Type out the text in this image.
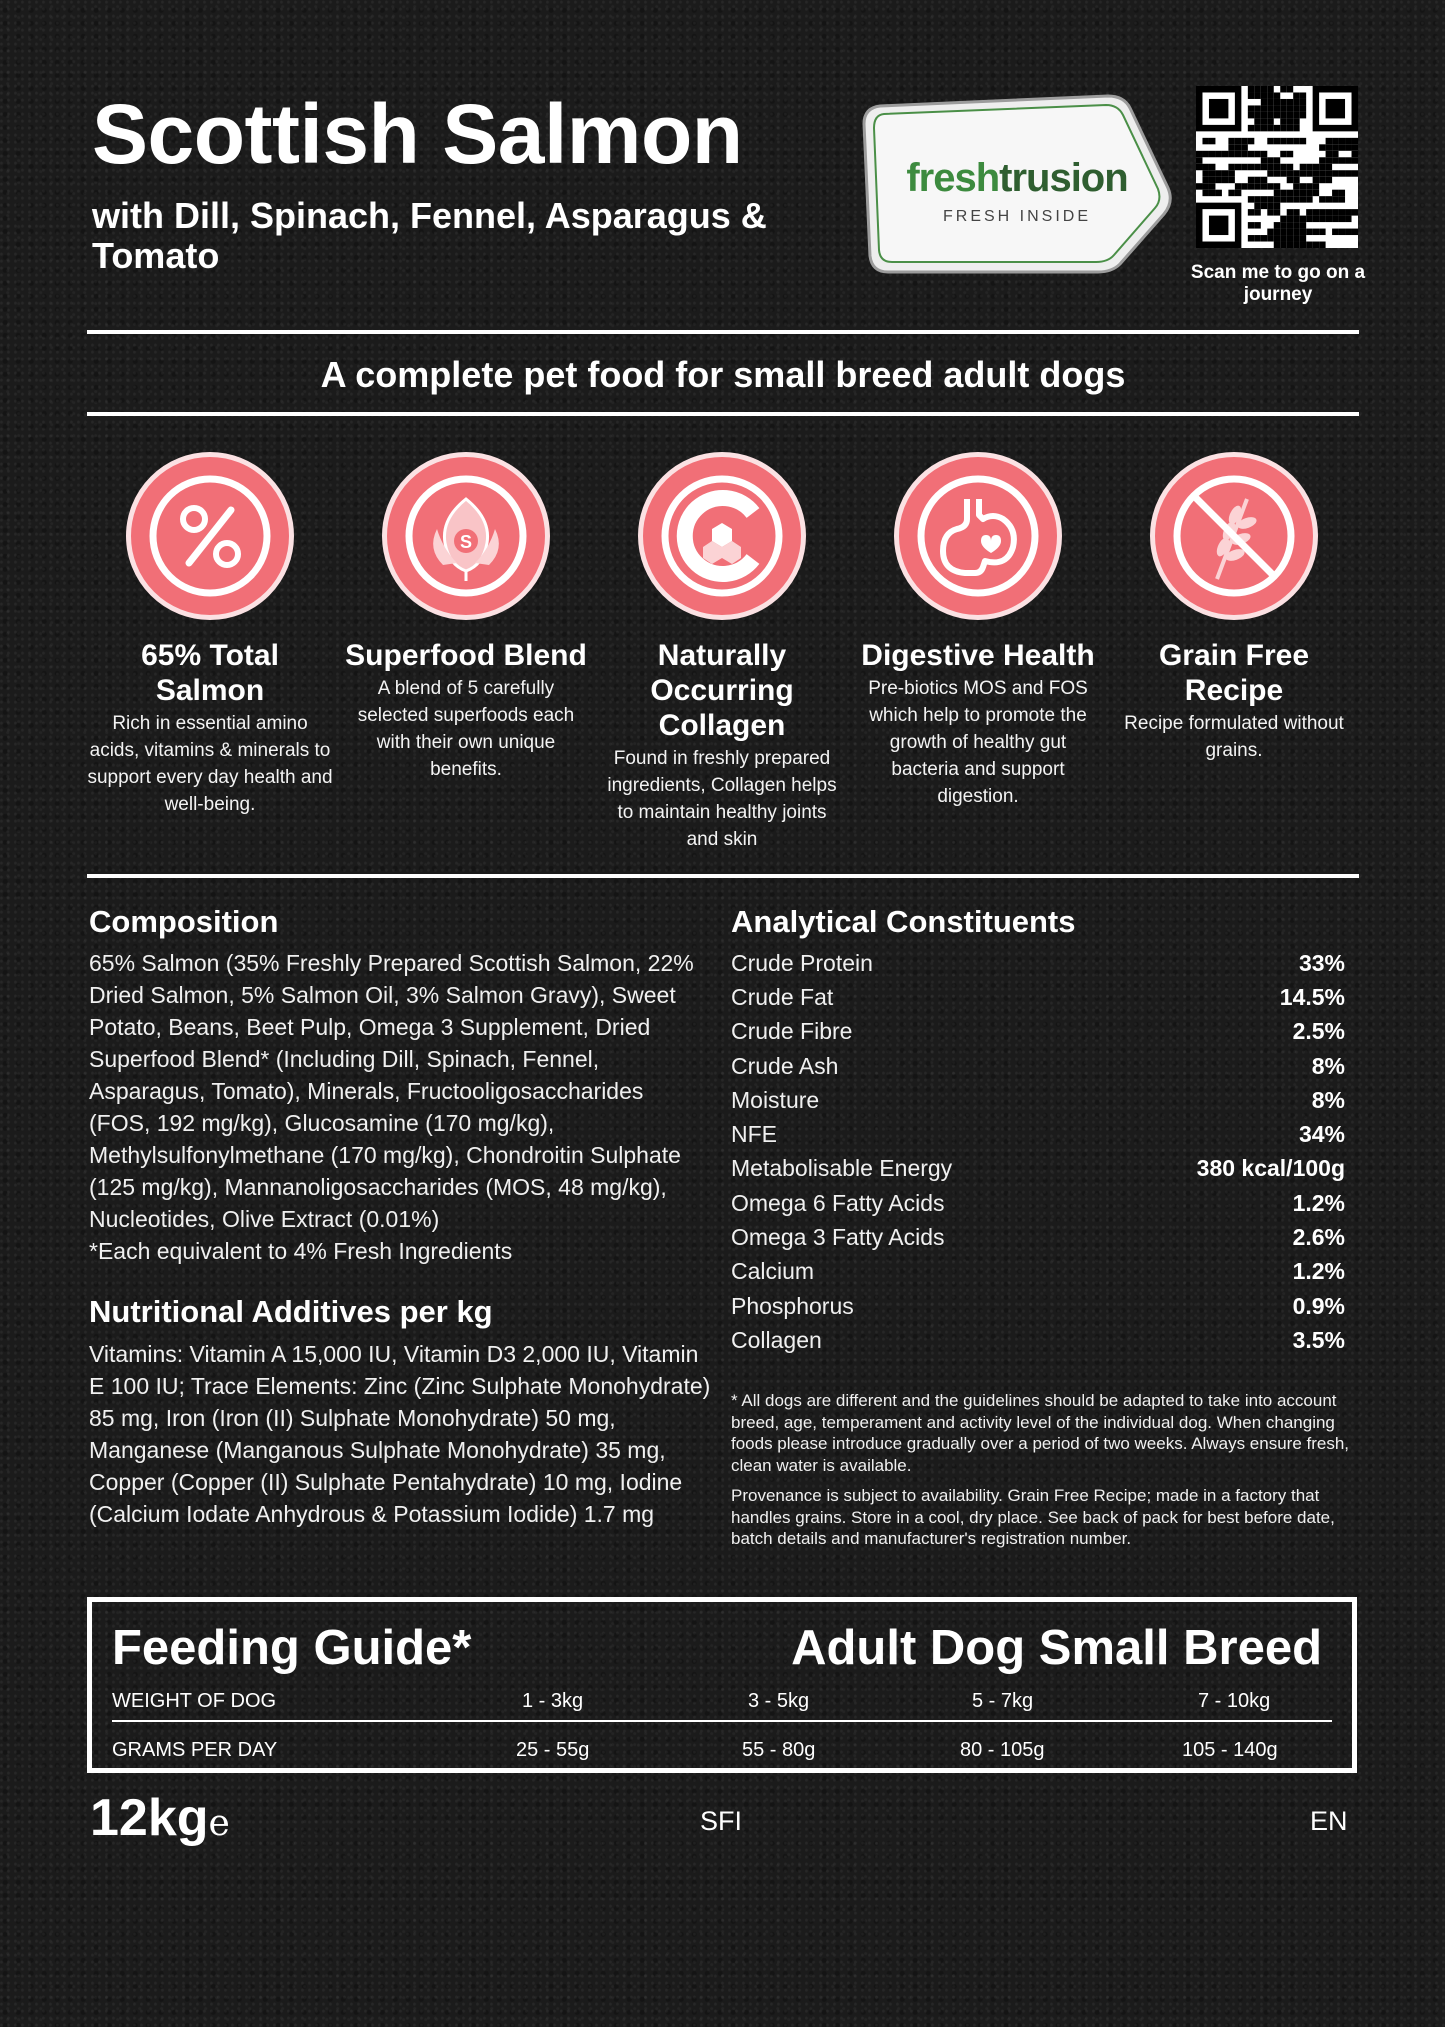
Scottish Salmon
with Dill, Spinach, Fennel, Asparagus & Tomato
freshtrusion
FRESH INSIDE
Scan me to go on a journey
A complete pet food for small breed adult dogs
65% Total Salmon
Rich in essential amino acids, vitamins & minerals to support every day health and well-being.
S
Superfood Blend
A blend of 5 carefully selected superfoods each with their own unique benefits.
Naturally Occurring Collagen
Found in freshly prepared ingredients, Collagen helps to maintain healthy joints and skin
Digestive Health
Pre-biotics MOS and FOS which help to promote the growth of healthy gut bacteria and support digestion.
Grain Free Recipe
Recipe formulated without grains.
Composition
65% Salmon (35% Freshly Prepared Scottish Salmon, 22% Dried Salmon, 5% Salmon Oil, 3% Salmon Gravy), Sweet Potato, Beans, Beet Pulp, Omega 3 Supplement, Dried Superfood Blend* (Including Dill, Spinach, Fennel, Asparagus, Tomato), Minerals, Fructooligosaccharides (FOS, 192 mg/kg), Glucosamine (170 mg/kg), Methylsulfonylmethane (170 mg/kg), Chondroitin Sulphate (125 mg/kg), Mannanoligosaccharides (MOS, 48 mg/kg), Nucleotides, Olive Extract (0.01%)
*Each equivalent to 4% Fresh Ingredients
Nutritional Additives per kg
Vitamins: Vitamin A 15,000 IU, Vitamin D3 2,000 IU, Vitamin E 100 IU; Trace Elements: Zinc (Zinc Sulphate Monohydrate) 85 mg, Iron (Iron (II) Sulphate Monohydrate) 50 mg, Manganese (Manganous Sulphate Monohydrate) 35 mg, Copper (Copper (II) Sulphate Pentahydrate) 10 mg, Iodine (Calcium Iodate Anhydrous & Potassium Iodide) 1.7 mg
Analytical Constituents
Crude Protein	33%
Crude Fat	14.5%
Crude Fibre	2.5%
Crude Ash	8%
Moisture	8%
NFE	34%
Metabolisable Energy	380 kcal/100g
Omega 6 Fatty Acids	1.2%
Omega 3 Fatty Acids	2.6%
Calcium	1.2%
Phosphorus	0.9%
Collagen	3.5%
* All dogs are different and the guidelines should be adapted to take into account breed, age, temperament and activity level of the individual dog. When changing foods please introduce gradually over a period of two weeks. Always ensure fresh, clean water is available.
Provenance is subject to availability. Grain Free Recipe; made in a factory that handles grains. Store in a cool, dry place. See back of pack for best before date, batch details and manufacturer's registration number.
Feeding Guide*	Adult Dog Small Breed
WEIGHT OF DOG	1 - 3kg	3 - 5kg	5 - 7kg	7 - 10kg
GRAMS PER DAY	25 - 55g	55 - 80g	80 - 105g	105 - 140g
12kge	SFI	EN
